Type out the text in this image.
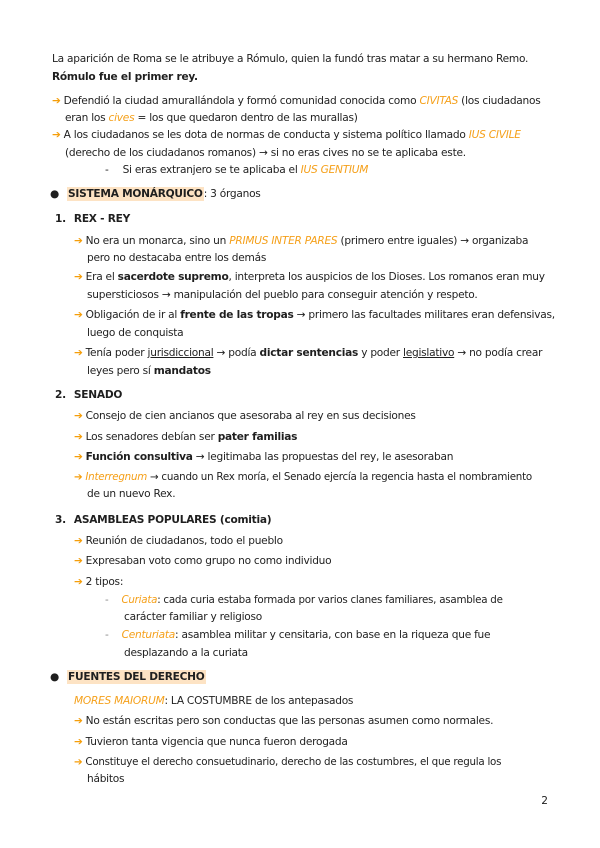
La aparición de Roma se le atribuye a Rómulo, quien la fundó tras matar a su hermano Remo.
Rómulo fue el primer rey.
➔ Defendió la ciudad amurallándola y formó comunidad conocida como CIVITAS (los ciudadanos
eran los cives = los que quedaron dentro de las murallas)
➔ A los ciudadanos se les dota de normas de conducta y sistema político llamado IUS CIVILE
(derecho de los ciudadanos romanos) → si no eras cives no se te aplicaba este.
- Si eras extranjero se te aplicaba el IUS GENTIUM
● SISTEMA MONÁRQUICO: 3 órganos
1. REX - REY
➔ No era un monarca, sino un PRIMUS INTER PARES (primero entre iguales) → organizaba
pero no destacaba entre los demás
➔ Era el sacerdote supremo, interpreta los auspicios de los Dioses. Los romanos eran muy
supersticiosos → manipulación del pueblo para conseguir atención y respeto.
➔ Obligación de ir al frente de las tropas → primero las facultades militares eran defensivas,
luego de conquista
➔ Tenía poder jurisdiccional → podía dictar sentencias y poder legislativo → no podía crear
leyes pero sí mandatos
2. SENADO
➔ Consejo de cien ancianos que asesoraba al rey en sus decisiones
➔ Los senadores debían ser pater familias
➔ Función consultiva → legitimaba las propuestas del rey, le asesoraban
➔ Interregnum → cuando un Rex moría, el Senado ejercía la regencia hasta el nombramiento
de un nuevo Rex.
3. ASAMBLEAS POPULARES (comitia)
➔ Reunión de ciudadanos, todo el pueblo
➔ Expresaban voto como grupo no como individuo
➔ 2 tipos:
- Curiata: cada curia estaba formada por varios clanes familiares, asamblea de
carácter familiar y religioso
- Centuriata: asamblea militar y censitaria, con base en la riqueza que fue
desplazando a la curiata
● FUENTES DEL DERECHO
MORES MAIORUM: LA COSTUMBRE de los antepasados
➔ No están escritas pero son conductas que las personas asumen como normales.
➔ Tuvieron tanta vigencia que nunca fueron derogada
➔ Constituye el derecho consuetudinario, derecho de las costumbres, el que regula los
hábitos
2
